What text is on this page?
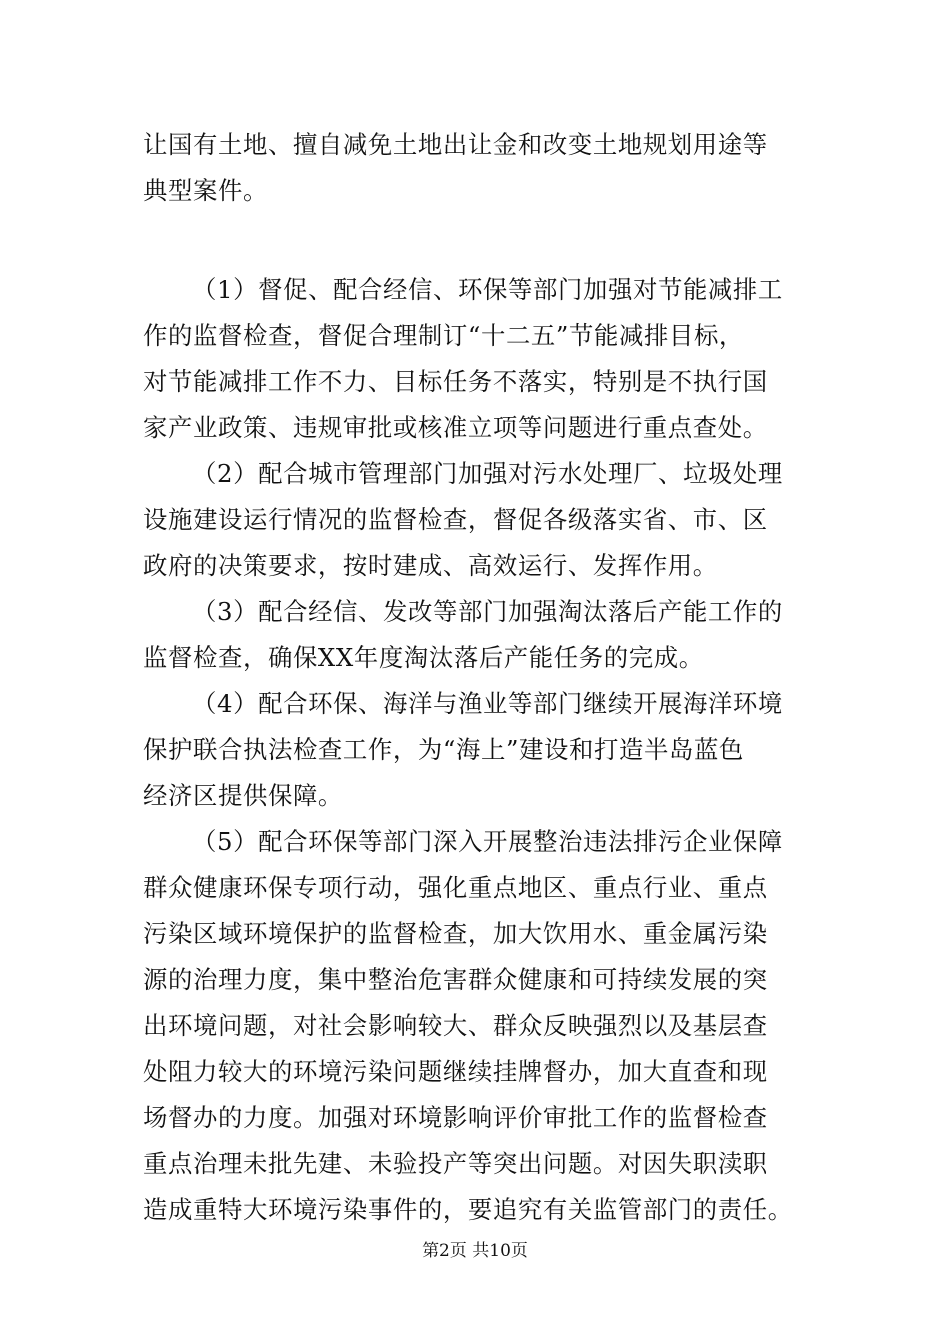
让国有土地、擅自减免土地出让金和改变土地规划用途等
典型案件。
（1）督促、配合经信、环保等部门加强对节能减排工
作的监督检查，督促合理制订“十二五”节能减排目标，
对节能减排工作不力、目标任务不落实，特别是不执行国
家产业政策、违规审批或核准立项等问题进行重点查处。
（2）配合城市管理部门加强对污水处理厂、垃圾处理
设施建设运行情况的监督检查，督促各级落实省、市、区
政府的决策要求，按时建成、高效运行、发挥作用。
（3）配合经信、发改等部门加强淘汰落后产能工作的
监督检查，确保XX年度淘汰落后产能任务的完成。
（4）配合环保、海洋与渔业等部门继续开展海洋环境
保护联合执法检查工作，为“海上”建设和打造半岛蓝色
经济区提供保障。
（5）配合环保等部门深入开展整治违法排污企业保障
群众健康环保专项行动，强化重点地区、重点行业、重点
污染区域环境保护的监督检查，加大饮用水、重金属污染
源的治理力度，集中整治危害群众健康和可持续发展的突
出环境问题，对社会影响较大、群众反映强烈以及基层查
处阻力较大的环境污染问题继续挂牌督办，加大直查和现
场督办的力度。加强对环境影响评价审批工作的监督检查
重点治理未批先建、未验投产等突出问题。对因失职渎职
造成重特大环境污染事件的，要追究有关监管部门的责任。
第2页 共10页
